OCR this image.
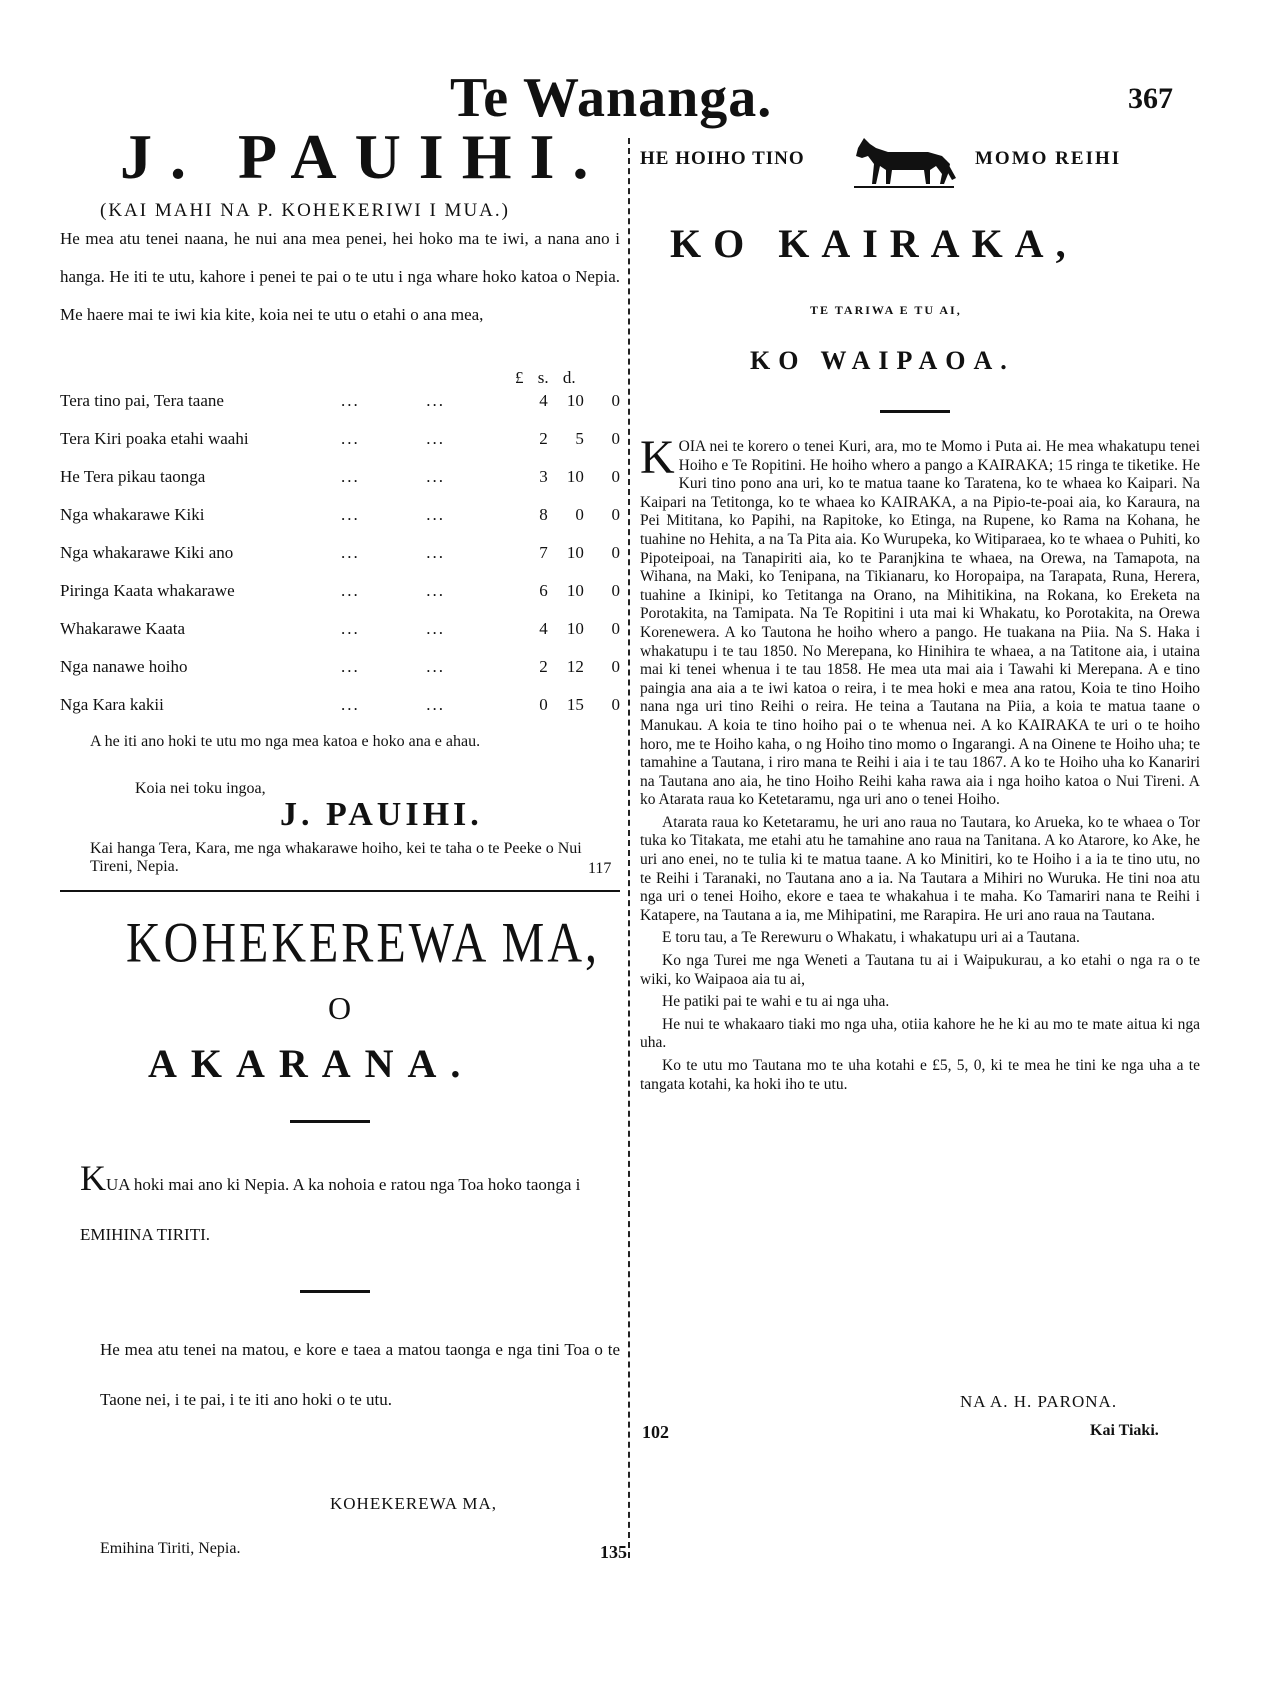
Te Wananga.	367
J. PAUIHI.
(KAI MAHI NA P. KOHEKERIWI I MUA.)

He mea atu tenei naana, he nui ana mea penei, hei hoko ma te iwi, a nana ano i hanga. He iti te utu, kahore i penei te pai o te utu i nga whare hoko katoa o Nepia. Me haere mai te iwi kia kite, koia nei te utu o etahi o ana mea,

£ s. d.
Tera tino pai, Tera taane	...	...	4	10	0
Tera Kiri poaka etahi waahi	...	...	2	5	0
He Tera pikau taonga	...	...	3	10	0
Nga whakarawe Kiki	...	...	8	0	0
Nga whakarawe Kiki ano	...	...	7	10	0
Piringa Kaata whakarawe	...	...	6	10	0
Whakarawe Kaata	...	...	4	10	0
Nga nanawe hoiho	...	...	2	12	0
Nga Kara kakii	...	...	0	15	0
A he iti ano hoki te utu mo nga mea katoa e hoko ana e ahau.
Koia nei toku ingoa,
J. PAUIHI.
Kai hanga Tera, Kara, me nga whakarawe hoiho, kei te taha o te Peeke o Nui Tireni, Nepia.	117
KOHEKEREWA MA,
O
AKARANA.
KUA hoki mai ano ki Nepia. A ka nohoia e ratou nga Toa hoko taonga i EMIHINA TIRITI.
He mea atu tenei na matou, e kore e taea a matou taonga e nga tini Toa o te Taone nei, i te pai, i te iti ano hoki o te utu.
KOHEKEREWA MA,
Emihina Tiriti, Nepia.	135
HE HOIHO TINO	MOMO REIHI
KO KAIRAKA,
TE TARIWA E TU AI,
KO WAIPAOA.

KOIA nei te korero o tenei Kuri, ara, mo te Momo i Puta ai. He mea whakatupu tenei Hoiho e Te Ropitini. He hoiho whero a pango a KAIRAKA; 15 ringa te tiketike. He Kuri tino pono ana uri, ko te matua taane ko Taratena, ko te whaea ko Kaipari. Na Kaipari na Tetitonga, ko te whaea ko KAIRAKA, a na Pipio-te-poai aia, ko Karaura, na Pei Mititana, ko Papihi, na Rapitoke, ko Etinga, na Rupene, ko Rama na Kohana, he tuahine no Hehita, a na Ta Pita aia. Ko Wurupeka, ko Witiparaea, ko te whaea o Puhiti, ko Pipoteipoai, na Tanapiriti aia, ko te Paranjkina te whaea, na Orewa, na Tamapota, na Wihana, na Maki, ko Tenipana, na Tikianaru, ko Horopaipa, na Tarapata, Runa, Herera, tuahine a Ikinipi, ko Tetitanga na Orano, na Mihitikina, na Rokana, ko Ereketa na Porotakita, na Tamipata. Na Te Ropitini i uta mai ki Whakatu, ko Porotakita, na Orewa Korenewera. A ko Tautona he hoiho whero a pango. He tuakana na Piia. Na S. Haka i whakatupu i te tau 1850. No Merepana, ko Hinihira te whaea, a na Tatitone aia, i utaina mai ki tenei whenua i te tau 1858. He mea uta mai aia i Tawahi ki Merepana. A e tino paingia ana aia a te iwi katoa o reira, i te mea hoki e mea ana ratou, Koia te tino Hoiho nana nga uri tino Reihi o reira. He teina a Tautana na Piia, a koia te matua taane o Manukau. A koia te tino hoiho pai o te whenua nei. A ko KAIRAKA te uri o te hoiho horo, me te Hoiho kaha, o ng Hoiho tino momo o Ingarangi. A na Oinene te Hoiho uha; te tamahine a Tautana, i riro mana te Reihi i aia i te tau 1867. A ko te Hoiho uha ko Kanariri na Tautana ano aia, he tino Hoiho Reihi kaha rawa aia i nga hoiho katoa o Nui Tireni. A ko Atarata raua ko Ketetaramu, nga uri ano o tenei Hoiho.

Atarata raua ko Ketetaramu, he uri ano raua no Tautara, ko Arueka, ko te whaea o Tor tuka ko Titakata, me etahi atu he tamahine ano raua na Tanitana. A ko Atarore, ko Ake, he uri ano enei, no te tulia ki te matua taane. A ko Minitiri, ko te Hoiho i a ia te tino utu, no te Reihi i Taranaki, no Tautana ano a ia. Na Tautara a Mihiri no Wuruka. He tini noa atu nga uri o tenei Hoiho, ekore e taea te whakahua i te maha. Ko Tamariri nana te Reihi i Katapere, na Tautana a ia, me Mihipatini, me Rarapira. He uri ano raua na Tautana.

E toru tau, a Te Rerewuru o Whakatu, i whakatupu uri ai a Tautana.

Ko nga Turei me nga Weneti a Tautana tu ai i Waipukurau, a ko etahi o nga ra o te wiki, ko Waipaoa aia tu ai,

He patiki pai te wahi e tu ai nga uha.

He nui te whakaaro tiaki mo nga uha, otiia kahore he he ki au mo te mate aitua ki nga uha.

Ko te utu mo Tautana mo te uha kotahi e £5, 5, 0, ki te mea he tini ke nga uha a te tangata kotahi, ka hoki iho te utu.

NA A. H. PARONA.
102	Kai Tiaki.
